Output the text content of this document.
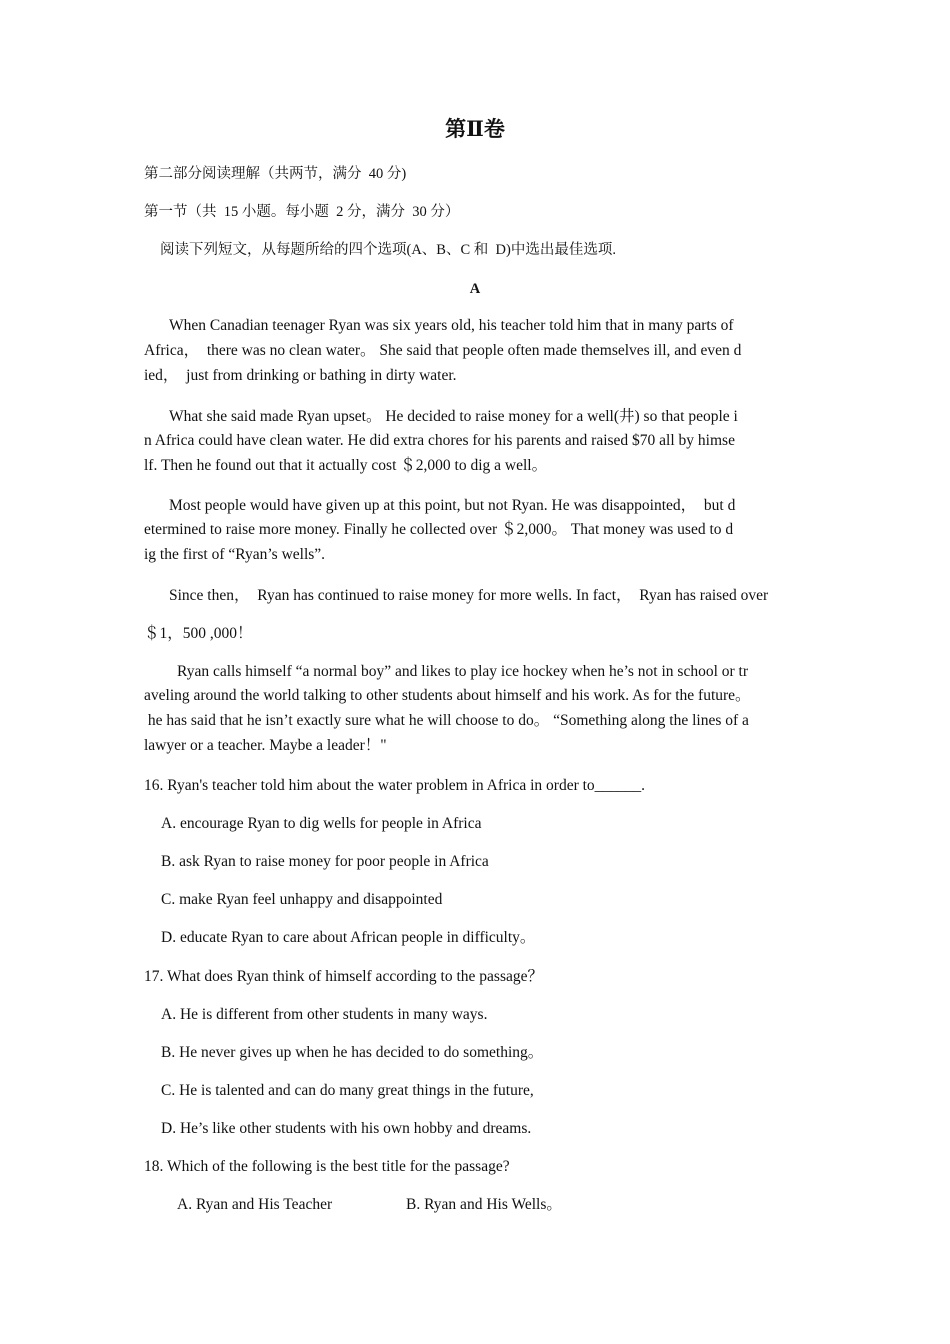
第Ⅱ卷
第二部分阅读理解（共两节，满分  40 分)
第一节（共  15 小题。每小题  2 分，满分  30 分）
阅读下列短文，从每题所给的四个选项(A、B、C 和  D)中选出最佳选项.
A
When Canadian teenager Ryan was six years old, his teacher told him that in many parts of
Africa，  there was no clean water。 She said that people often made themselves ill, and even d
ied，  just from drinking or bathing in dirty water.
What she said made Ryan upset。 He decided to raise money for a well(井) so that people i
n Africa could have clean water. He did extra chores for his parents and raised $70 all by himse
lf. Then he found out that it actually cost ＄2,000 to dig a well。
Most people would have given up at this point, but not Ryan. He was disappointed，  but d
etermined to raise more money. Finally he collected over ＄2,000。 That money was used to d
ig the first of “Ryan’s wells”.
Since then，  Ryan has continued to raise money for more wells. In fact，  Ryan has raised over
＄1，500 ,000！
Ryan calls himself “a normal boy” and likes to play ice hockey when he’s not in school or tr
aveling around the world talking to other students about himself and his work. As for the future。
he has said that he isn’t exactly sure what he will choose to do。 “Something along the lines of a
lawyer or a teacher. Maybe a leader！"
16. Ryan's teacher told him about the water problem in Africa in order to______.
A. encourage Ryan to dig wells for people in Africa
B. ask Ryan to raise money for poor people in Africa
C. make Ryan feel unhappy and disappointed
D. educate Ryan to care about African people in difficulty。
17. What does Ryan think of himself according to the passage？
A. He is different from other students in many ways.
B. He never gives up when he has decided to do something。
C. He is talented and can do many great things in the future,
D. He’s like other students with his own hobby and dreams.
18. Which of the following is the best title for the passage?
A. Ryan and His Teacher	B. Ryan and His Wells。
